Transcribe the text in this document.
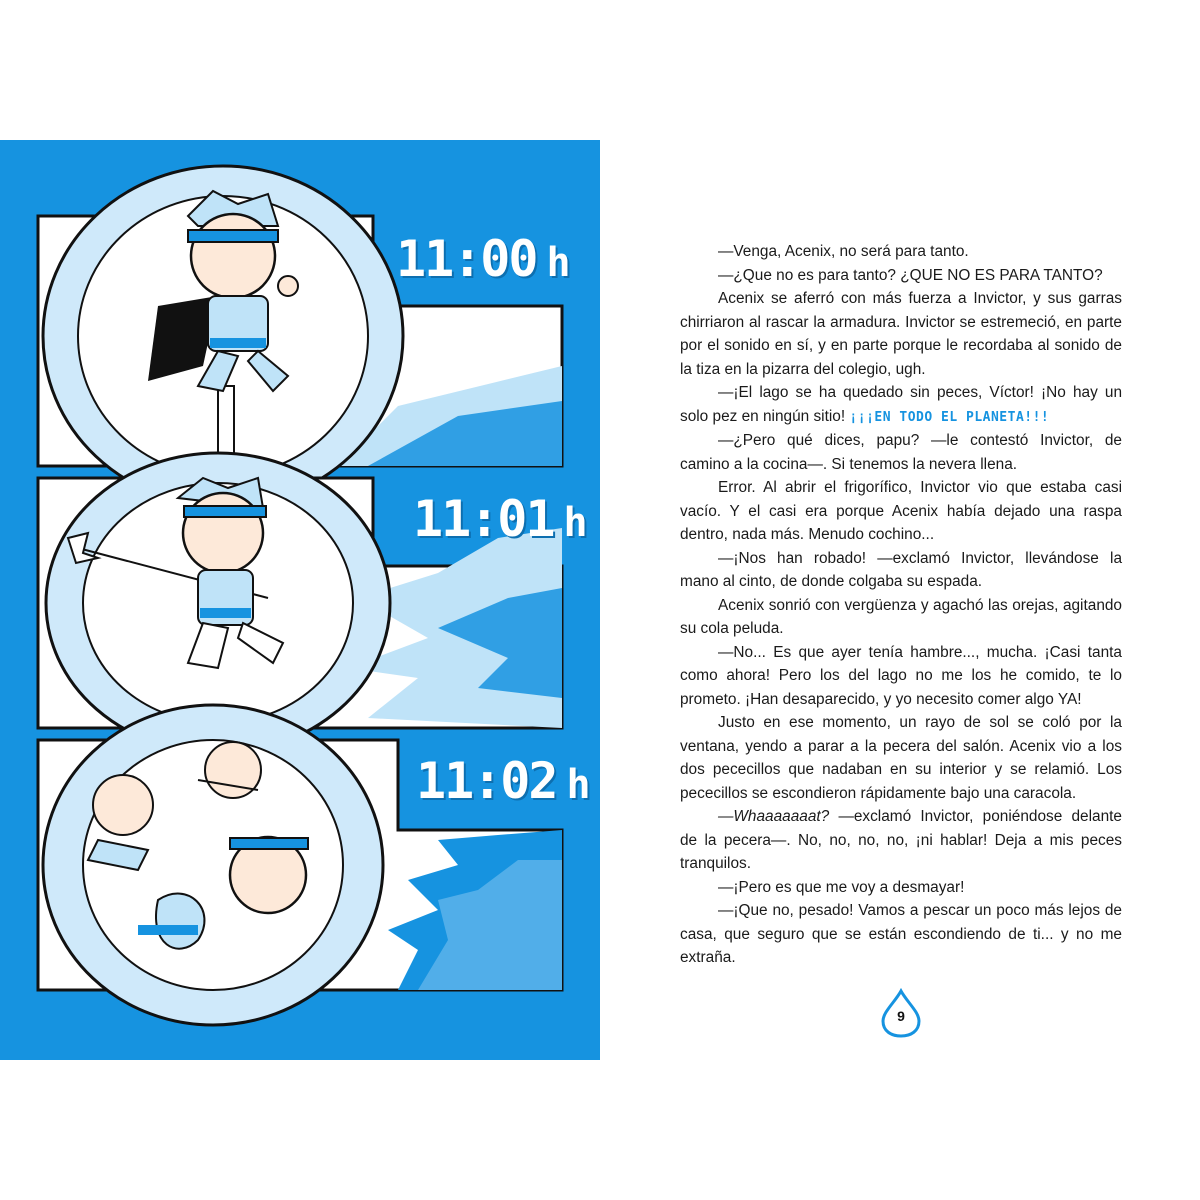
11:00 h
11:01 h
11:02 h

—Venga, Acenix, no será para tanto.

—¿Que no es para tanto? ¿QUE NO ES PARA TANTO?

Acenix se aferró con más fuerza a Invictor, y sus garras chirriaron al rascar la armadura. Invictor se estremeció, en parte por el sonido en sí, y en parte porque le recordaba al sonido de la tiza en la pizarra del colegio, ugh.

—¡El lago se ha quedado sin peces, Víctor! ¡No hay un solo pez en ningún sitio! ¡¡¡EN TODO EL PLANETA!!!

—¿Pero qué dices, papu? —le contestó Invictor, de camino a la cocina—. Si tenemos la nevera llena.

Error. Al abrir el frigorífico, Invictor vio que estaba casi vacío. Y el casi era porque Acenix había dejado una raspa dentro, nada más. Menudo cochino...

—¡Nos han robado! —exclamó Invictor, llevándose la mano al cinto, de donde colgaba su espada.

Acenix sonrió con vergüenza y agachó las orejas, agitando su cola peluda.

—No... Es que ayer tenía hambre..., mucha. ¡Casi tanta como ahora! Pero los del lago no me los he comido, te lo prometo. ¡Han desaparecido, y yo necesito comer algo YA!

Justo en ese momento, un rayo de sol se coló por la ventana, yendo a parar a la pecera del salón. Acenix vio a los dos pececillos que nadaban en su interior y se relamió. Los pececillos se escondieron rápidamente bajo una caracola.

—Whaaaaaaat? —exclamó Invictor, poniéndose delante de la pecera—. No, no, no, no, ¡ni hablar! Deja a mis peces tranquilos.

—¡Pero es que me voy a desmayar!

—¡Que no, pesado! Vamos a pescar un poco más lejos de casa, que seguro que se están escondiendo de ti... y no me extraña.

9
